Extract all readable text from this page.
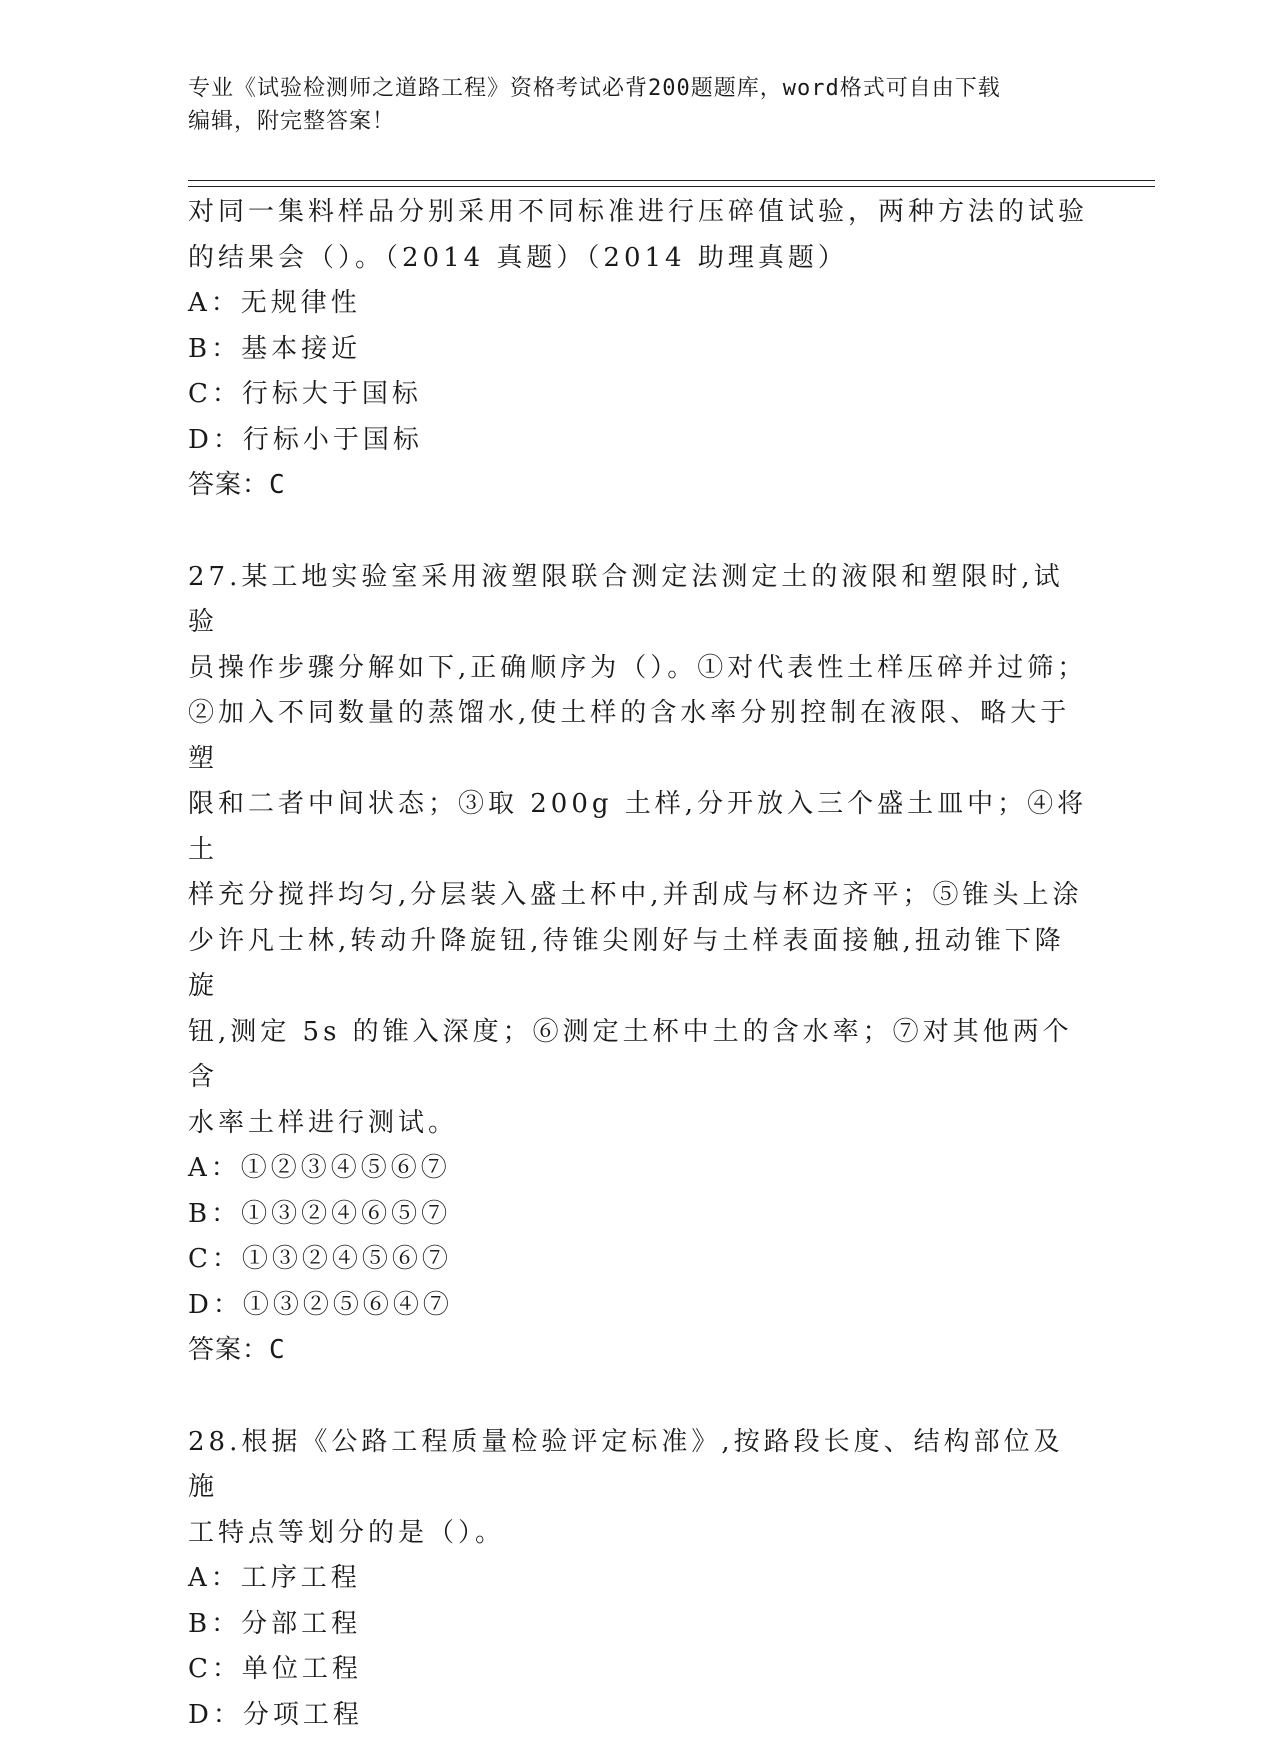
专业《试验检测师之道路工程》资格考试必背200题题库，word格式可自由下载
编辑，附完整答案！
对同一集料样品分别采用不同标准进行压碎值试验，两种方法的试验
的结果会（）。（2014 真题）（2014 助理真题）
A：无规律性
B：基本接近
C：行标大于国标
D：行标小于国标
答案：C
27.某工地实验室采用液塑限联合测定法测定土的液限和塑限时,试验
员操作步骤分解如下,正确顺序为（）。①对代表性土样压碎并过筛；
②加入不同数量的蒸馏水,使土样的含水率分别控制在液限、略大于塑
限和二者中间状态；③取 200g 土样,分开放入三个盛土皿中；④将土
样充分搅拌均匀,分层装入盛土杯中,并刮成与杯边齐平；⑤锥头上涂
少许凡士林,转动升降旋钮,待锥尖刚好与土样表面接触,扭动锥下降旋
钮,测定 5s 的锥入深度；⑥测定土杯中土的含水率；⑦对其他两个含
水率土样进行测试。
A：①②③④⑤⑥⑦
B：①③②④⑥⑤⑦
C：①③②④⑤⑥⑦
D：①③②⑤⑥④⑦
答案：C
28.根据《公路工程质量检验评定标准》,按路段长度、结构部位及施
工特点等划分的是（）。
A：工序工程
B：分部工程
C：单位工程
D：分项工程
